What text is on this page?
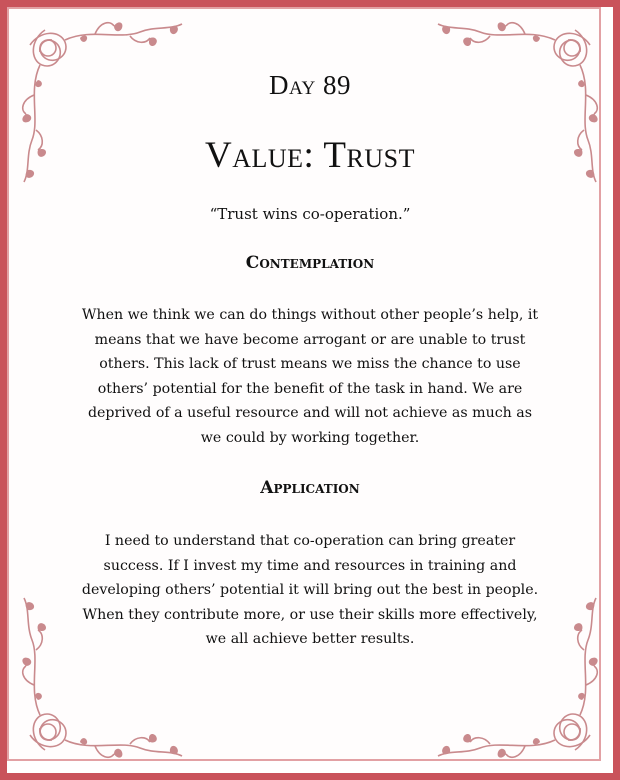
Day 89
Value: Trust
“Trust wins co-operation.”
Contemplation
When we think we can do things without other people’s help, it
means that we have become arrogant or are unable to trust
others. This lack of trust means we miss the chance to use
others’ potential for the benefit of the task in hand. We are
deprived of a useful resource and will not achieve as much as
we could by working together.
Application
I need to understand that co-operation can bring greater
success. If I invest my time and resources in training and
developing others’ potential it will bring out the best in people.
When they contribute more, or use their skills more effectively,
we all achieve better results.
